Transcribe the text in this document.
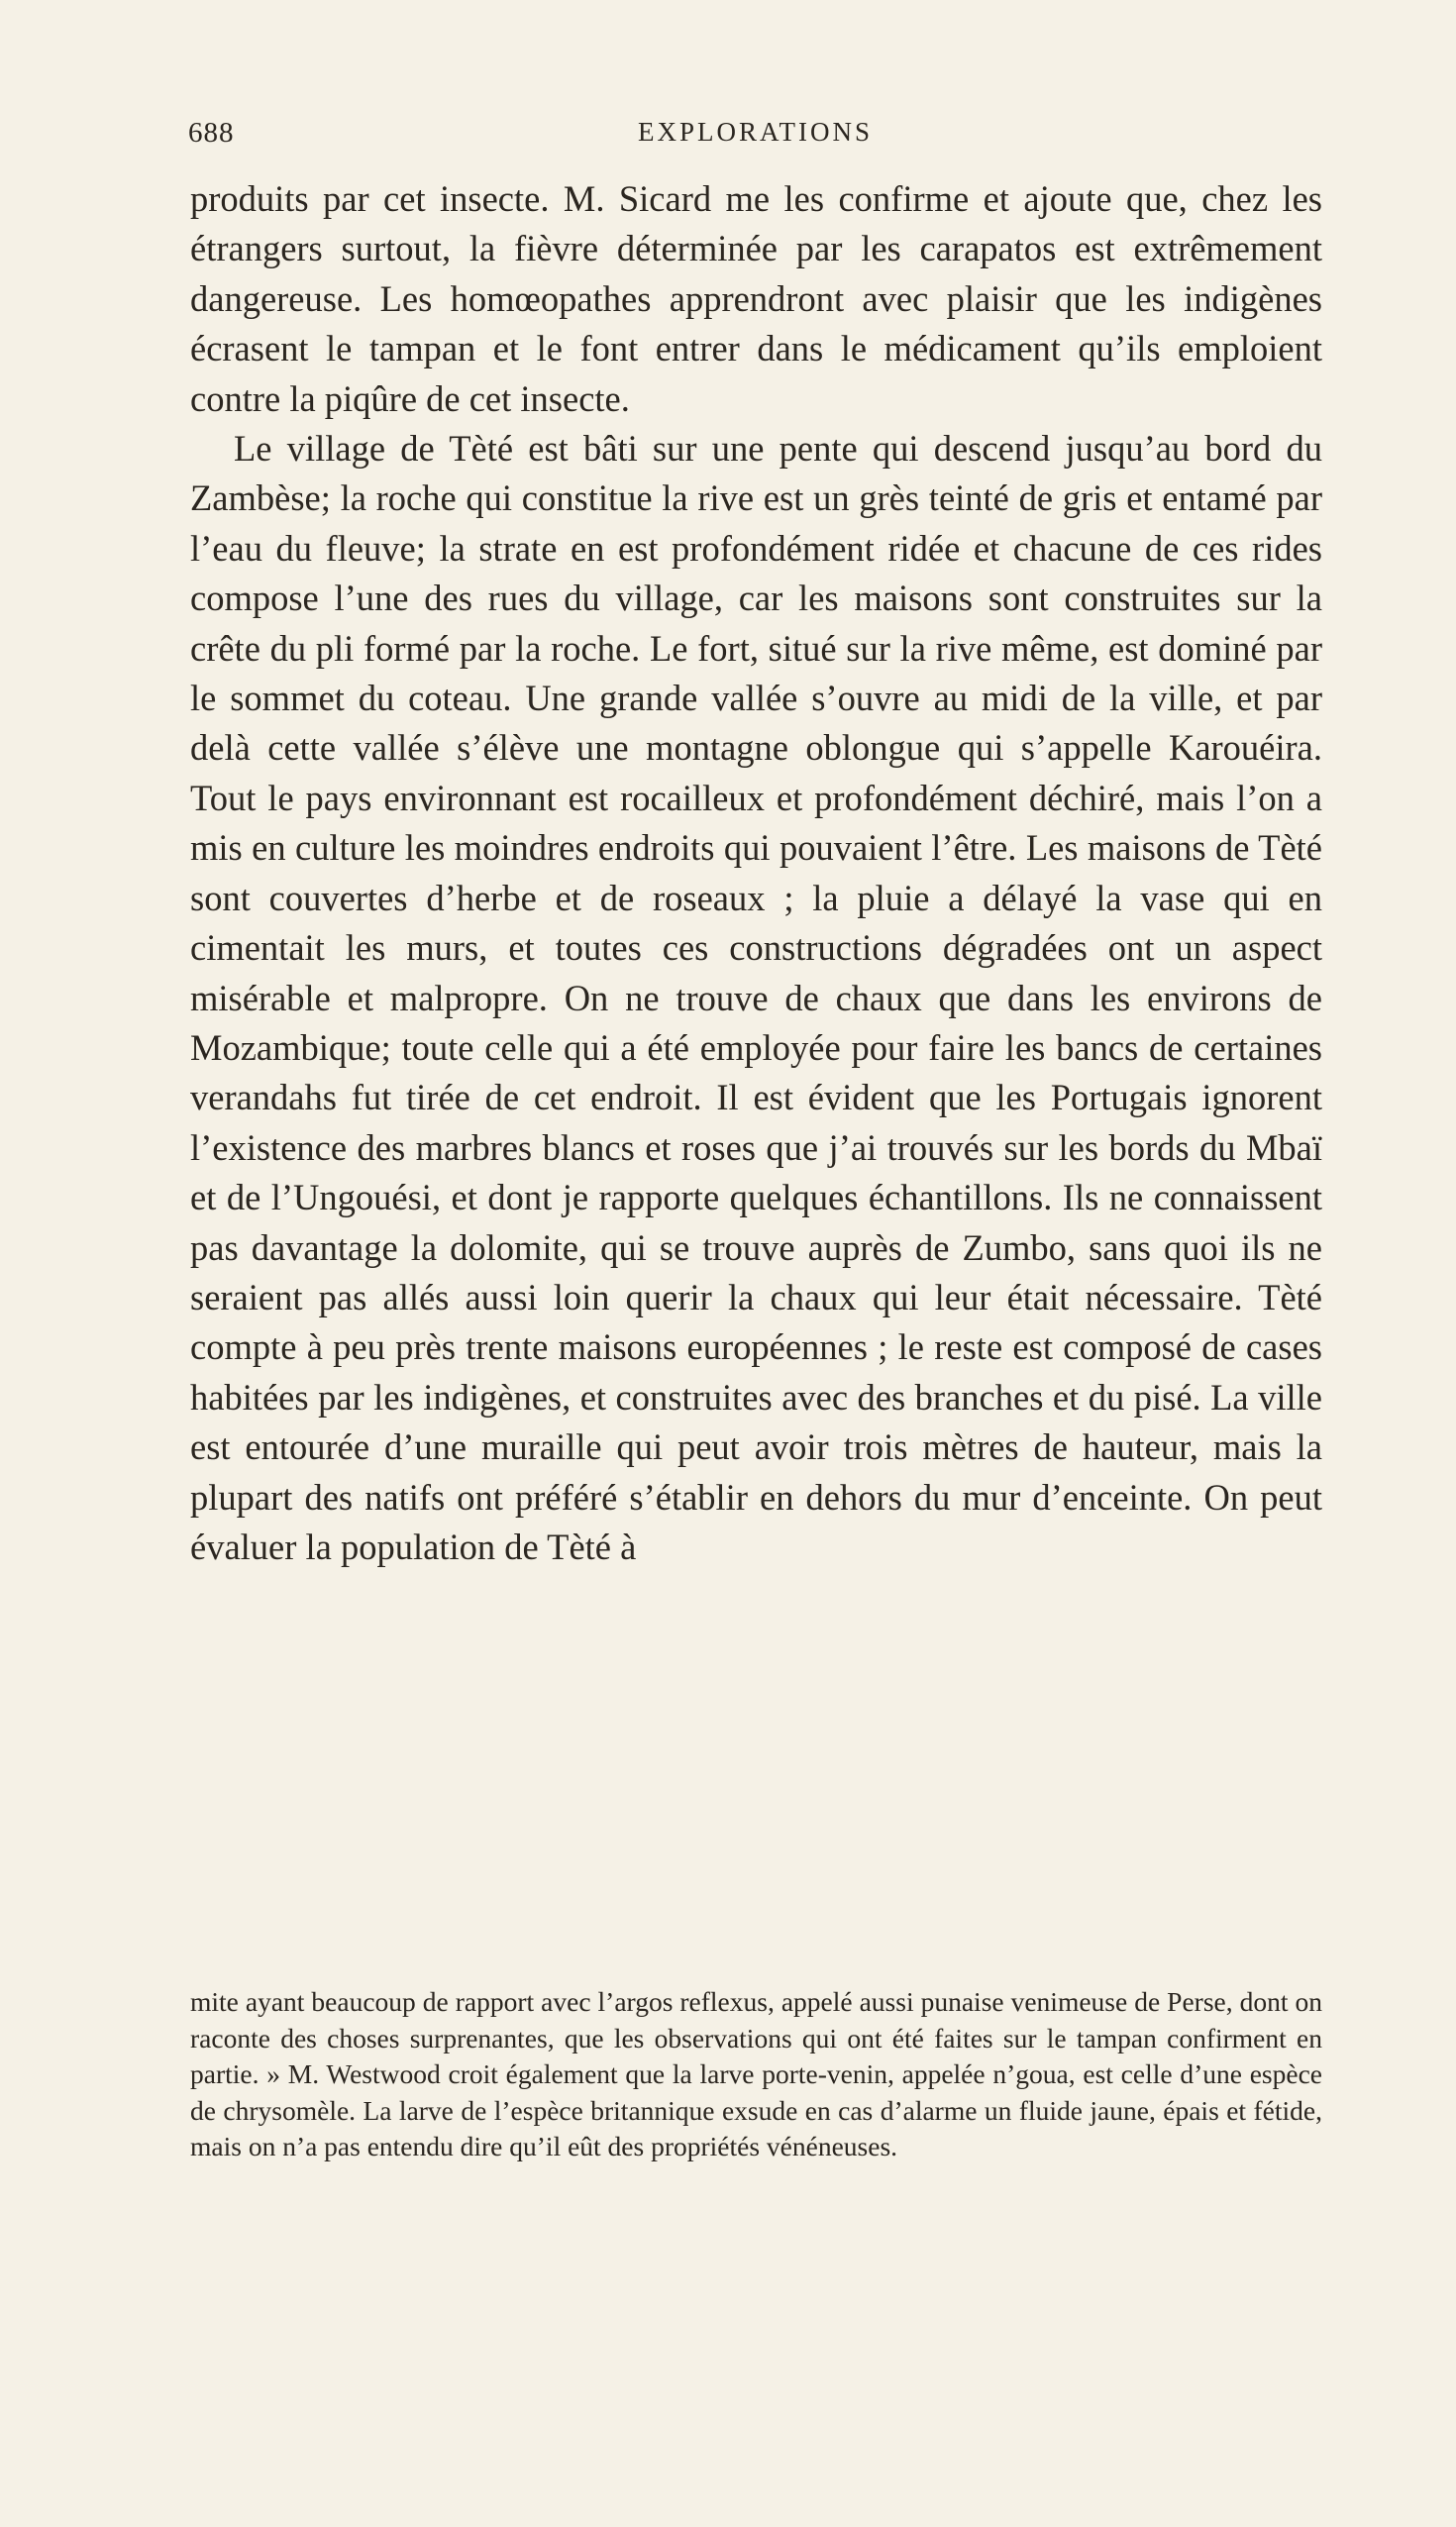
688	EXPLORATIONS

produits par cet insecte. M. Sicard me les confirme et ajoute que, chez les étrangers surtout, la fièvre déterminée par les carapatos est extrêmement dangereuse. Les homœopathes apprendront avec plaisir que les indigènes écrasent le tampan et le font entrer dans le médicament qu’ils emploient contre la piqûre de cet insecte.

Le village de Tèté est bâti sur une pente qui descend jusqu’au bord du Zambèse; la roche qui constitue la rive est un grès teinté de gris et entamé par l’eau du fleuve; la strate en est profondément ridée et chacune de ces rides compose l’une des rues du village, car les maisons sont construites sur la crête du pli formé par la roche. Le fort, situé sur la rive même, est dominé par le sommet du coteau. Une grande vallée s’ouvre au midi de la ville, et par delà cette vallée s’élève une montagne oblongue qui s’appelle Karouéira. Tout le pays environnant est rocailleux et profondément déchiré, mais l’on a mis en culture les moindres endroits qui pouvaient l’être. Les maisons de Tèté sont couvertes d’herbe et de roseaux ; la pluie a délayé la vase qui en cimentait les murs, et toutes ces constructions dégradées ont un aspect misérable et malpropre. On ne trouve de chaux que dans les environs de Mozambique; toute celle qui a été employée pour faire les bancs de certaines verandahs fut tirée de cet endroit. Il est évident que les Portugais ignorent l’existence des marbres blancs et roses que j’ai trouvés sur les bords du Mbaï et de l’Ungouési, et dont je rapporte quelques échantillons. Ils ne connaissent pas davantage la dolomite, qui se trouve auprès de Zumbo, sans quoi ils ne seraient pas allés aussi loin querir la chaux qui leur était nécessaire. Tèté compte à peu près trente maisons européennes ; le reste est composé de cases habitées par les indigènes, et construites avec des branches et du pisé. La ville est entourée d’une muraille qui peut avoir trois mètres de hauteur, mais la plupart des natifs ont préféré s’établir en dehors du mur d’enceinte. On peut évaluer la population de Tèté à

mite ayant beaucoup de rapport avec l’argos reflexus, appelé aussi punaise venimeuse de Perse, dont on raconte des choses surprenantes, que les observations qui ont été faites sur le tampan confirment en partie. » M. Westwood croit également que la larve porte-venin, appelée n’goua, est celle d’une espèce de chrysomèle. La larve de l’espèce britannique exsude en cas d’alarme un fluide jaune, épais et fétide, mais on n’a pas entendu dire qu’il eût des propriétés vénéneuses.
